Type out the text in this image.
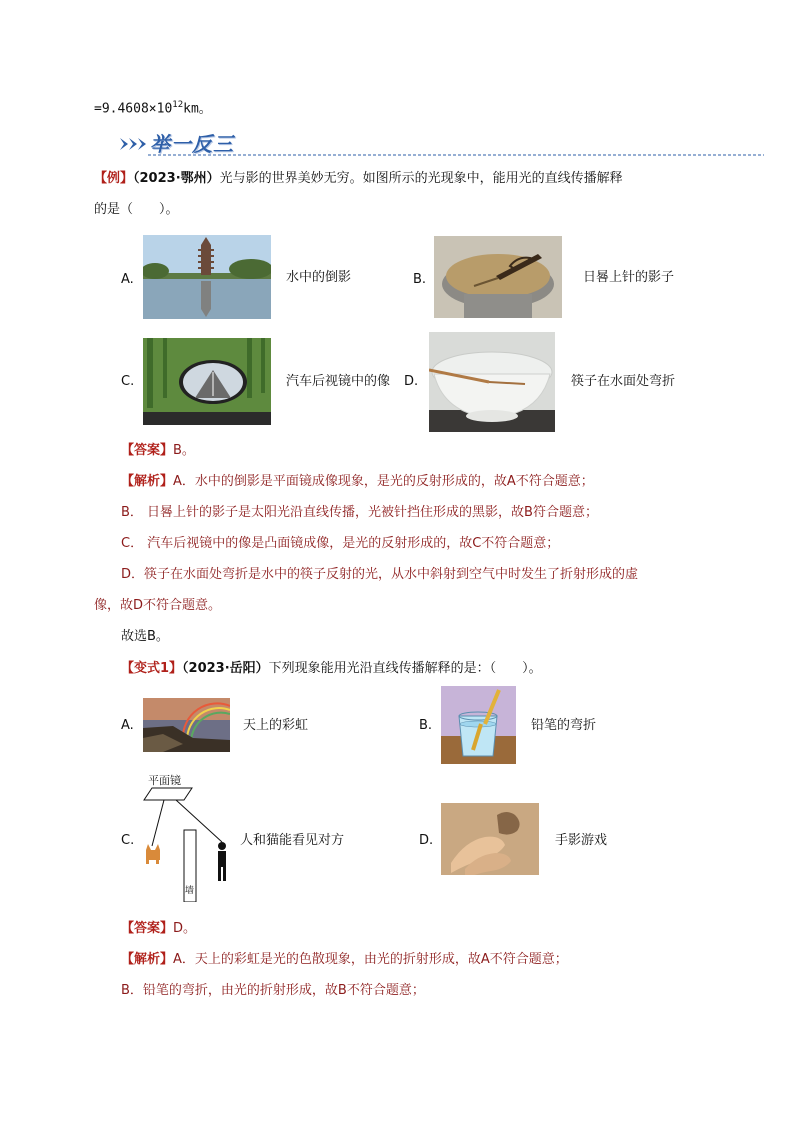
$=9.4608\times 10^{12}km$。
举一反三
【例】（2023·鄂州）光与影的世界美妙无穷。如图所示的光现象中，能用光的直线传播解释
的是（　　）。
A.	水中的倒影	B.	日晷上针的影子
C.	汽车后视镜中的像 D.	筷子在水面处弯折
【答案】B。
【解析】A．水中的倒影是平面镜成像现象，是光的反射形成的，故A不符合题意；
B． 日晷上针的影子是太阳光沿直线传播，光被针挡住形成的黑影，故B符合题意；
C． 汽车后视镜中的像是凸面镜成像，是光的反射形成的，故C不符合题意；
D．筷子在水面处弯折是水中的筷子反射的光，从水中斜射到空气中时发生了折射形成的虚
像，故D不符合题意。
故选B。
【变式1】（2023·岳阳）下列现象能用光沿直线传播解释的是：（　　）。
A.	天上的彩虹	B.	铅笔的弯折
平面镜
墙
C.	人和猫能看见对方	D.	手影游戏
【答案】D。
【解析】A．天上的彩虹是光的色散现象，由光的折射形成，故A不符合题意；
B．铅笔的弯折，由光的折射形成，故B不符合题意；
